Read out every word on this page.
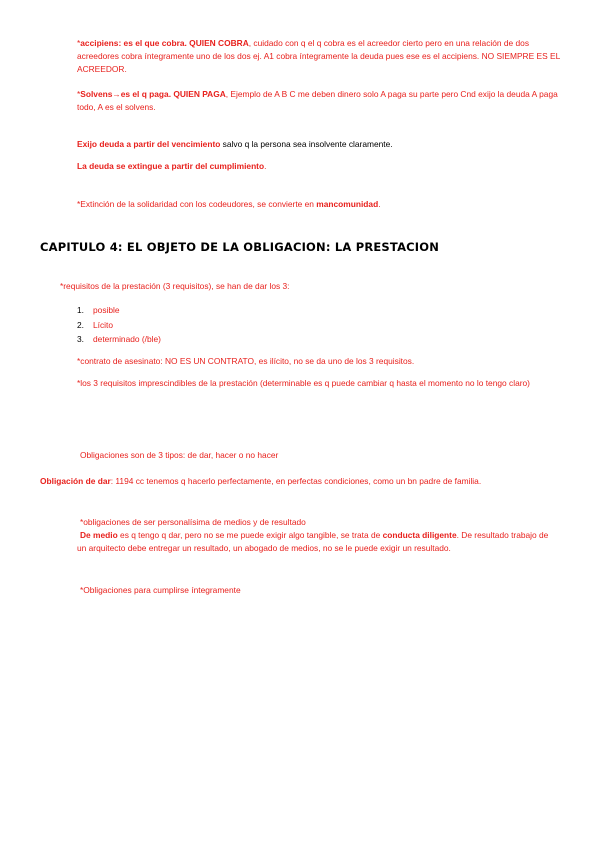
*accipiens: es el que cobra. QUIEN COBRA, cuidado con q el q cobra es el acreedor cierto pero en una relación de dos acreedores cobra íntegramente uno de los dos ej. A1 cobra íntegramente la deuda pues ese es el accipiens. NO SIEMPRE ES EL ACREEDOR.

*Solvens→es el q paga. QUIEN PAGA, Ejemplo de A B C me deben dinero solo A paga su parte pero Cnd exijo la deuda A paga todo, A es el solvens.

Exijo deuda a partir del vencimiento salvo q la persona sea insolvente claramente.

La deuda se extingue a partir del cumplimiento.

*Extinción de la solidaridad con los codeudores, se convierte en mancomunidad.

CAPITULO 4: EL OBJETO DE LA OBLIGACION: LA PRESTACION

*requisitos de la prestación (3 requisitos), se han de dar los 3:

1. posible
2. Lícito
3. determinado (/ble)

*contrato de asesinato: NO ES UN CONTRATO, es ilícito, no se da uno de los 3 requisitos.

*los 3 requisitos imprescindibles de la prestación (determinable es q puede cambiar q hasta el momento no lo tengo claro)

Obligaciones son de 3 tipos: de dar, hacer o no hacer

Obligación de dar: 1194 cc tenemos q hacerlo perfectamente, en perfectas condiciones, como un bn padre de familia.

*obligaciones de ser personalísima de medios y de resultado

De medio es q tengo q dar, pero no se me puede exigir algo tangible, se trata de conducta diligente. De resultado trabajo de un arquitecto debe entregar un resultado, un abogado de medios, no se le puede exigir un resultado.

*Obligaciones para cumplirse íntegramente
